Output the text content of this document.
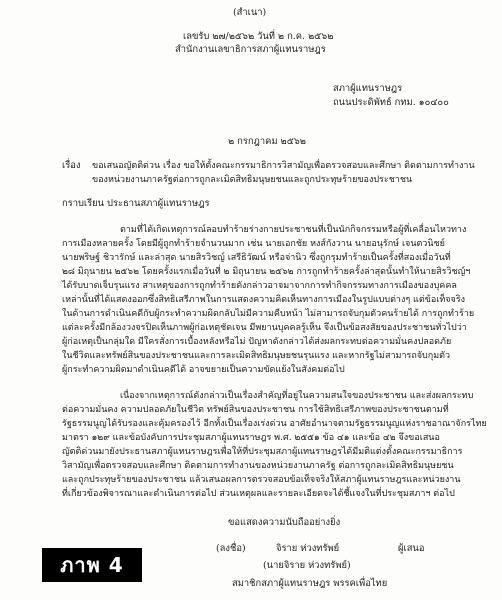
(สำเนา)
เลขรับ ๒๗/๒๕๖๒ วันที่ ๒ ก.ค. ๒๕๖๒
สำนักงานเลขาธิการสภาผู้แทนราษฎร
สภาผู้แทนราษฎร
ถนนประดิพัทธ์ กทม. ๑๐๔๐๐
๒ กรกฎาคม ๒๕๖๒
เรื่อง ขอเสนอญัตติด่วน เรื่อง ขอให้ตั้งคณะกรรมาธิการวิสามัญเพื่อตรวจสอบและศึกษา ติดตามการทำงาน
ของหน่วยงานภาครัฐต่อการถูกละเมิดสิทธิมนุษยชนและถูกประทุษร้ายของประชาชน
กราบเรียน ประธานสภาผู้แทนราษฎร
ตามที่ได้เกิดเหตุการณ์ลอบทำร้ายร่างกายประชาชนที่เป็นนักกิจกรรมหรือผู้ที่เคลื่อนไหวทาง
การเมืองหลายครั้ง โดยมีผู้ถูกทำร้ายจำนวนมาก เช่น นายเอกชัย หงส์กังวาน นายอนุรักษ์ เจนตวนิชย์
นายพริษฐ์ ชิวารักษ์ และล่าสุด นายสิรวิชญ์ เสรีธิวัฒน์ หรือจ่านิว ซึ่งถูกรุมทำร้ายเป็นครั้งที่สองเมื่อวันที่
๒๘ มิถุนายน ๒๕๖๒ โดยครั้งแรกเมื่อวันที่ ๒ มิถุนายน ๒๕๖๒ การถูกทำร้ายครั้งล่าสุดนั้นทำให้นายสิรวิชญ์ฯ
ได้รับบาดเจ็บรุนแรง สาเหตุของการถูกทำร้ายดังกล่าวอาจมาจากการทำกิจกรรมทางการเมืองของบุคคล
เหล่านั้นที่ได้แสดงออกซึ่งสิทธิเสรีภาพในการแสดงความคิดเห็นทางการเมืองในรูปแบบต่างๆ แต่ข้อเท็จจริง
ในด้านการดำเนินคดีกับผู้กระทำความผิดกลับไม่มีความคืบหน้า ไม่สามารถจับกุมตัวคนร้ายได้ การถูกทำร้าย
แต่ละครั้งมีกล้องวงจรปิดเห็นภาพผู้ก่อเหตุชัดเจน มีพยานบุคคลรู้เห็น จึงเป็นข้อสงสัยของประชาชนทั่วไปว่า
ผู้ก่อเหตุเป็นกลุ่มใด มีใครสั่งการเบื้องหลังหรือไม่ ปัญหาดังกล่าวได้ส่งผลกระทบต่อความมั่นคงปลอดภัย
ในชีวิตและทรัพย์สินของประชาชนและการละเมิดสิทธิมนุษยชนรุนแรง และหากรัฐไม่สามารถจับกุมตัว
ผู้กระทำความผิดมาดำเนินคดีได้ อาจขยายเป็นความขัดแย้งในสังคมต่อไป
เนื่องจากเหตุการณ์ดังกล่าวเป็นเรื่องสำคัญที่อยู่ในความสนใจของประชาชน และส่งผลกระทบ
ต่อความมั่นคง ความปลอดภัยในชีวิต ทรัพย์สินของประชาชน การใช้สิทธิเสรีภาพของประชาชนตามที่
รัฐธรรมนูญได้รับรองและคุ้มครองไว้ อีกทั้งเป็นเรื่องเร่งด่วน อาศัยอำนาจตามรัฐธรรมนูญแห่งราชอาณาจักรไทย
มาตรา ๑๒๙ และข้อบังคับการประชุมสภาผู้แทนราษฎร พ.ศ. ๒๕๕๑ ข้อ ๔๑ และข้อ ๔๒ จึงขอเสนอ
ญัตติด่วนมายังประธานสภาผู้แทนราษฎรเพื่อให้ที่ประชุมสภาผู้แทนราษฎรได้มีมติแต่งตั้งคณะกรรมาธิการ
วิสามัญเพื่อตรวจสอบและศึกษา ติดตามการทำงานของหน่วยงานภาครัฐ ต่อการถูกละเมิดสิทธิมนุษยชน
และถูกประทุษร้ายของประชาชน แล้วเสนอผลการตรวจสอบข้อเท็จจริงให้สภาผู้แทนราษฎรและหน่วยงาน
ที่เกี่ยวข้องพิจารณาและดำเนินการต่อไป ส่วนเหตุผลและรายละเอียดจะได้ชี้แจงในที่ประชุมสภาฯ ต่อไป
ขอแสดงความนับถืออย่างยิ่ง
(ลงชื่อ)	จิราย ห่วงทรัพย์	ผู้เสนอ
(นายจิราย ห่วงทรัพย์)
สมาชิกสภาผู้แทนราษฎร พรรคเพื่อไทย
ภาพ 4
